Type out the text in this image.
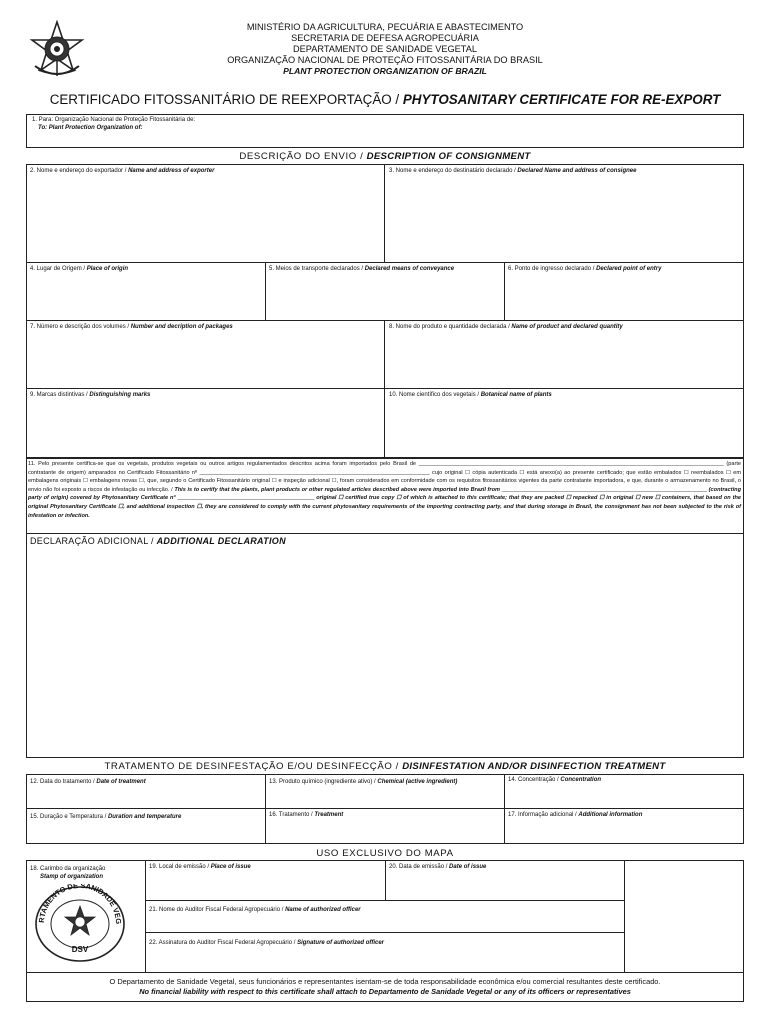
MINISTÉRIO DA AGRICULTURA, PECUÁRIA E ABASTECIMENTO
SECRETARIA DE DEFESA AGROPECUÁRIA
DEPARTAMENTO DE SANIDADE VEGETAL
ORGANIZAÇÃO NACIONAL DE PROTEÇÃO FITOSSANITÁRIA DO BRASIL
PLANT PROTECTION ORGANIZATION OF BRAZIL
CERTIFICADO FITOSSANITÁRIO DE REEXPORTAÇÃO / PHYTOSANITARY CERTIFICATE FOR RE-EXPORT
1. Para: Organização Nacional de Proteção Fitossanitária de:
To: Plant Protection Organization of:
DESCRIÇÃO DO ENVIO / DESCRIPTION OF CONSIGNMENT
2. Nome e endereço do exportador / Name and address of exporter	3. Nome e endereço do destinatário declarado / Declared Name and address of consignee
4. Lugar de Origem / Place of origin	5. Meios de transporte declarados / Declared means of conveyance	6. Ponto de ingresso declarado / Declared point of entry
7. Número e descrição dos volumes / Number and decription of packages	8. Nome do produto e quantidade declarada / Name of product and declared quantity
9. Marcas distintivas / Distinguishing marks	10. Nome científico dos vegetais / Botanical name of plants
11. Pelo presente certifica-se que os vegetais, produtos vegetais ou outros artigos regulamentados descritos acima foram importados pelo Brasil de __________________________________________________________________________________________________ (parte contratante de origem) amparados no Certificado Fitossanitário nº __________________________________________________________________________ cujo original ☐ cópia autenticada ☐ está anexo(a) ao presente certificado; que estão embalados ☐ reembalados ☐ em embalagens originais ☐ embalagens novas ☐, que, segundo o Certificado Fitossanitário original ☐ e inspeção adicional ☐, foram considerados em conformidade com os requisitos fitossanitários vigentes da parte contratante importadora, e que, durante o armazenamento no Brasil, o envio não foi exposto a riscos de infestação ou infecção. / This is to certify that the plants, plant products or other regulated articles described above were imported into Brazil from __________________________________________________________________ (contracting party of origin) covered by Phytosanitary Certificate nº ____________________________________________ original ☐ certified true copy ☐ of which is attached to this certificate; that they are packed ☐ repacked ☐ in original ☐ new ☐ containers, that based on the original Phytosanitary Certificate ☐, and additional inspection ☐, they are considered to comply with the current phytosanitary requirements of the importing contracting party, and that during storage in Brazil, the consignment has not been subjected to the risk of infestation or infection.
DECLARAÇÃO ADICIONAL / ADDITIONAL DECLARATION
TRATAMENTO DE DESINFESTAÇÃO E/OU DESINFECÇÃO / DISINFESTATION AND/OR DISINFECTION TREATMENT
12. Data do tratamento / Date of treatment	13. Produto químico (ingrediente ativo) / Chemical (active ingredient)	14. Concentração / Concentration
15. Duração e Temperatura / Duration and temperature	16. Tratamento / Treatment	17. Informação adicional / Additional information
USO EXCLUSIVO DO MAPA
18. Carimbo da organização
Stamp of organization
19. Local de emissão / Place of issue	20. Data de emissão / Date of issue
21. Nome do Auditor Fiscal Federal Agropecuário / Name of authorized officer
22. Assinatura do Auditor Fiscal Federal Agropecuário / Signature of authorized officer
RTAMENTO DE SANIDADE VEG
DSV
O Departamento de Sanidade Vegetal, seus funcionários e representantes isentam-se de toda responsabilidade econômica e/ou comercial resultantes deste certificado.
No financial liability with respect to this certificate shall attach to Departamento de Sanidade Vegetal or any of its officers or representatives
